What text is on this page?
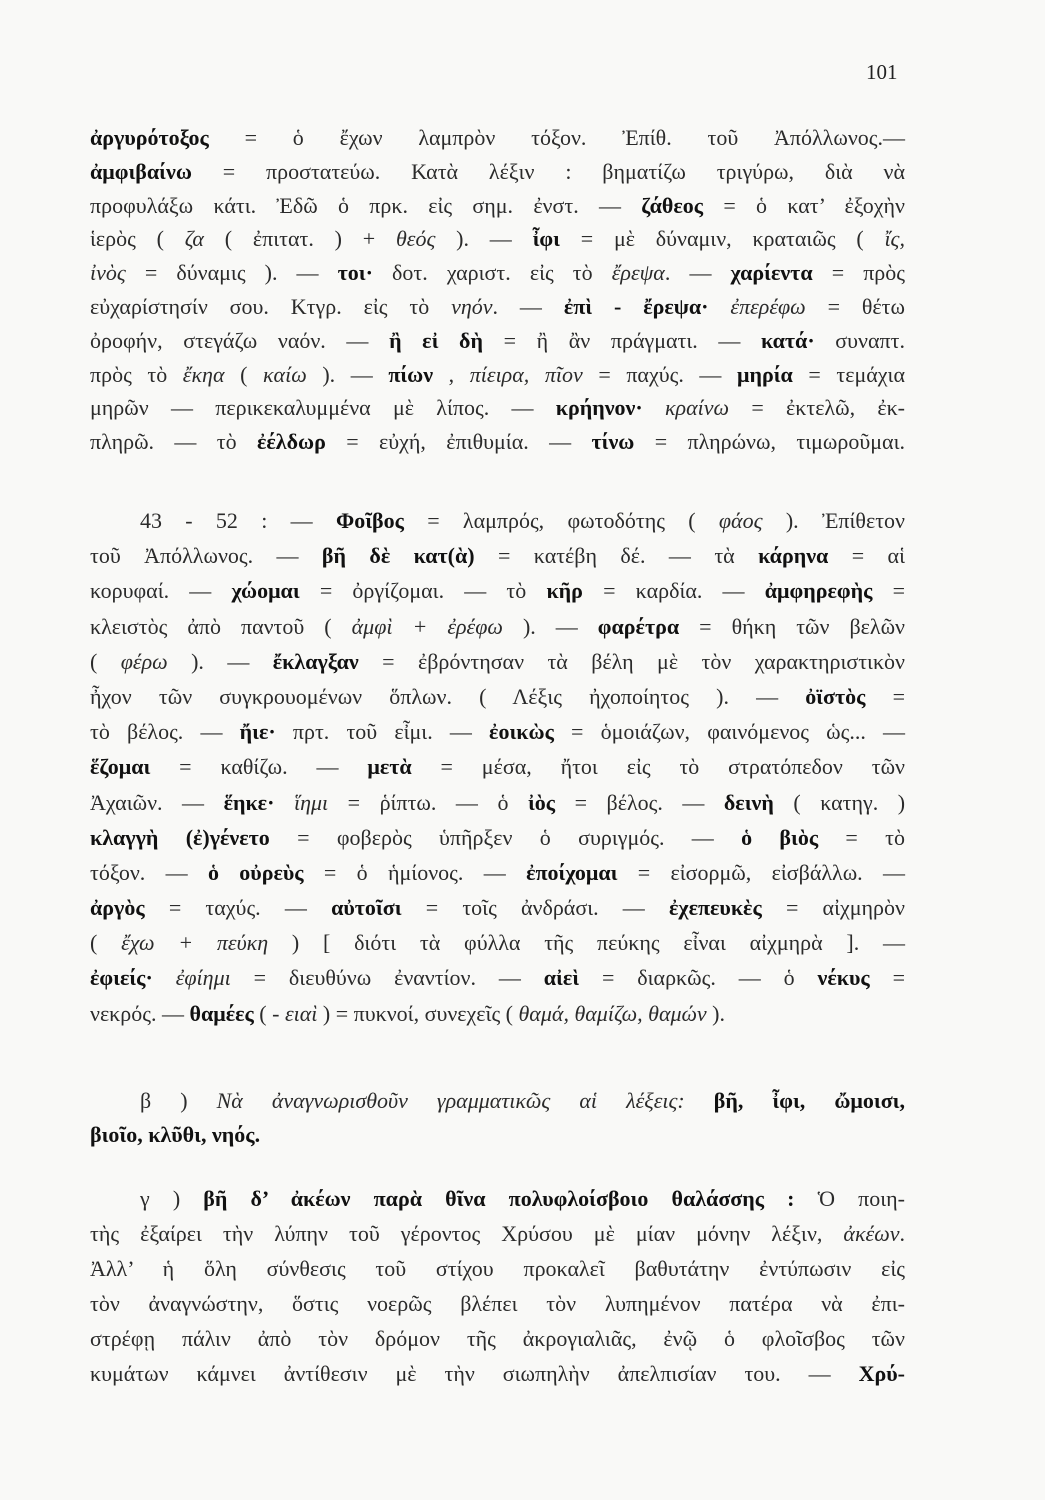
101
ἀργυρότοξος = ὁ ἔχων λαμπρὸν τόξον. Ἐπίθ. τοῦ Ἀπόλλωνος.—
ἀμφιβαίνω = προστατεύω. Κατὰ λέξιν : βηματίζω τριγύρω, διὰ νὰ
προφυλάξω κάτι. Ἐδῶ ὁ πρκ. εἰς σημ. ἐνστ. — ζάθεος = ὁ κατ’ ἐξοχὴν
ἱερὸς ( ζα ( ἐπιτατ. ) + θεός ). — ἶφι = μὲ δύναμιν, κραταιῶς ( ἴς,
ἰνὸς = δύναμις ). — τοι· δοτ. χαριστ. εἰς τὸ ἔρεψα. — χαρίεντα = πρὸς
εὐχαρίστησίν σου. Κτγρ. εἰς τὸ νηόν. — ἐπὶ - ἔρεψα· ἐπερέφω = θέτω
ὀροφήν, στεγάζω ναόν. — ἢ εἰ δὴ = ἢ ἂν πράγματι. — κατά· συναπτ.
πρὸς τὸ ἔκηα ( καίω ). — πίων , πίειρα, πῖον = παχύς. — μηρία = τεμάχια
μηρῶν — περικεκαλυμμένα μὲ λίπος. — κρήηνον· κραίνω = ἐκτελῶ, ἐκ-
πληρῶ. — τὸ ἐέλδωρ = εὐχή, ἐπιθυμία. — τίνω = πληρώνω, τιμωροῦμαι.
43 - 52 : — Φοῖβος = λαμπρός, φωτοδότης ( φάος ). Ἐπίθετον
τοῦ Ἀπόλλωνος. — βῆ δὲ κατ(ὰ) = κατέβη δέ. — τὰ κάρηνα = αἱ
κορυφαί. — χώομαι = ὀργίζομαι. — τὸ κῆρ = καρδία. — ἀμφηρεφὴς =
κλειστὸς ἀπὸ παντοῦ ( ἀμφὶ + ἐρέφω ). — φαρέτρα = θήκη τῶν βελῶν
( φέρω ). — ἔκλαγξαν = ἐβρόντησαν τὰ βέλη μὲ τὸν χαρακτηριστικὸν
ἦχον τῶν συγκρουομένων ὅπλων. ( Λέξις ἠχοποίητος ). — ὀϊστὸς =
τὸ βέλος. — ἤιε· πρτ. τοῦ εἶμι. — ἐοικὼς = ὁμοιάζων, φαινόμενος ὡς... —
ἕζομαι = καθίζω. — μετὰ = μέσα, ἤτοι εἰς τὸ στρατόπεδον τῶν
Ἀχαιῶν. — ἕηκε· ἵημι = ῥίπτω. — ὁ ἰὸς = βέλος. — δεινὴ ( κατηγ. )
κλαγγὴ (ἐ)γένετο = φοβερὸς ὑπῆρξεν ὁ συριγμός. — ὁ βιὸς = τὸ
τόξον. — ὁ οὐρεὺς = ὁ ἡμίονος. — ἐποίχομαι = εἰσορμῶ, εἰσβάλλω. —
ἀργὸς = ταχύς. — αὐτοῖσι = τοῖς ἀνδράσι. — ἐχεπευκὲς = αἰχμηρὸν
( ἔχω + πεύκη ) [ διότι τὰ φύλλα τῆς πεύκης εἶναι αἰχμηρὰ ]. —
ἐφιείς· ἐφίημι = διευθύνω ἐναντίον. — αἰεὶ = διαρκῶς. — ὁ νέκυς =
νεκρός. — θαμέες ( - ειαὶ ) = πυκνοί, συνεχεῖς ( θαμά, θαμίζω, θαμών ).
β ) Νὰ ἀναγνωρισθοῦν γραμματικῶς αἱ λέξεις: βῆ, ἶφι, ὤμοισι,
βιοῖο, κλῦθι, νηός.
γ ) βῆ δ’ ἀκέων παρὰ θῖνα πολυφλοίσβοιο θαλάσσης : Ὁ ποιη-
τὴς ἐξαίρει τὴν λύπην τοῦ γέροντος Χρύσου μὲ μίαν μόνην λέξιν, ἀκέων.
Ἀλλ’ ἡ ὅλη σύνθεσις τοῦ στίχου προκαλεῖ βαθυτάτην ἐντύπωσιν εἰς
τὸν ἀναγνώστην, ὅστις νοερῶς βλέπει τὸν λυπημένον πατέρα νὰ ἐπι-
στρέφῃ πάλιν ἀπὸ τὸν δρόμον τῆς ἀκρογιαλιᾶς, ἐνῷ ὁ φλοῖσβος τῶν
κυμάτων κάμνει ἀντίθεσιν μὲ τὴν σιωπηλὴν ἀπελπισίαν του. — Χρύ-
